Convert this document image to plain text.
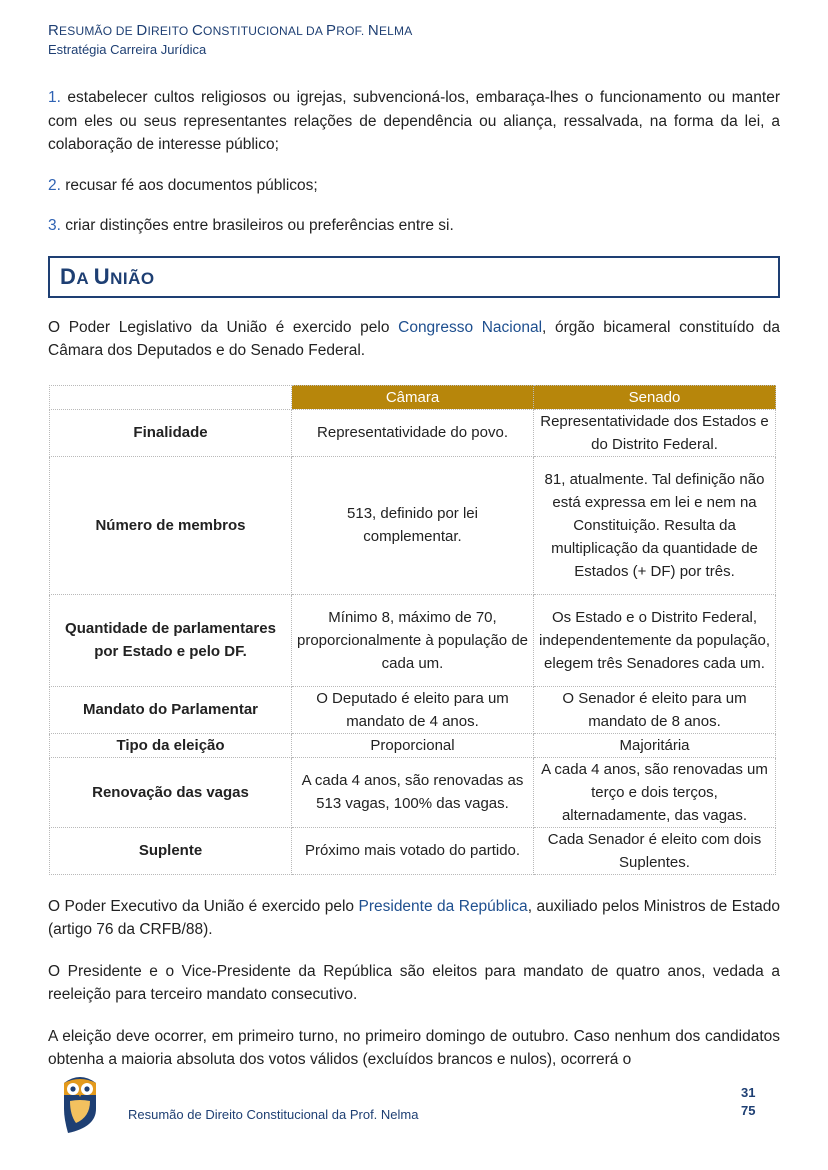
RESUMÃO DE DIREITO CONSTITUCIONAL DA PROF. NELMA
Estratégia Carreira Jurídica

1. estabelecer cultos religiosos ou igrejas, subvencioná-los, embaraça-lhes o funcionamento ou manter com eles ou seus representantes relações de dependência ou aliança, ressalvada, na forma da lei, a colaboração de interesse público;

2. recusar fé aos documentos públicos;

3. criar distinções entre brasileiros ou preferências entre si.

DA UNIÃO

O Poder Legislativo da União é exercido pelo Congresso Nacional, órgão bicameral constituído da Câmara dos Deputados e do Senado Federal.

	Câmara	Senado
Finalidade	Representatividade do povo.	Representatividade dos Estados e do Distrito Federal.
Número de membros	513, definido por lei complementar.	81, atualmente. Tal definição não está expressa em lei e nem na Constituição. Resulta da multiplicação da quantidade de Estados (+ DF) por três.
Quantidade de parlamentares por Estado e pelo DF.	Mínimo 8, máximo de 70, proporcionalmente à população de cada um.	Os Estado e o Distrito Federal, independentemente da população, elegem três Senadores cada um.
Mandato do Parlamentar	O Deputado é eleito para um mandato de 4 anos.	O Senador é eleito para um mandato de 8 anos.
Tipo da eleição	Proporcional	Majoritária
Renovação das vagas	A cada 4 anos, são renovadas as 513 vagas, 100% das vagas.	A cada 4 anos, são renovadas um terço e dois terços, alternadamente, das vagas.
Suplente	Próximo mais votado do partido.	Cada Senador é eleito com dois Suplentes.

O Poder Executivo da União é exercido pelo Presidente da República, auxiliado pelos Ministros de Estado (artigo 76 da CRFB/88).

O Presidente e o Vice-Presidente da República são eleitos para mandato de quatro anos, vedada a reeleição para terceiro mandato consecutivo.

A eleição deve ocorrer, em primeiro turno, no primeiro domingo de outubro. Caso nenhum dos candidatos obtenha a maioria absoluta dos votos válidos (excluídos brancos e nulos), ocorrerá o

Resumão de Direito Constitucional da Prof. Nelma
31
75
